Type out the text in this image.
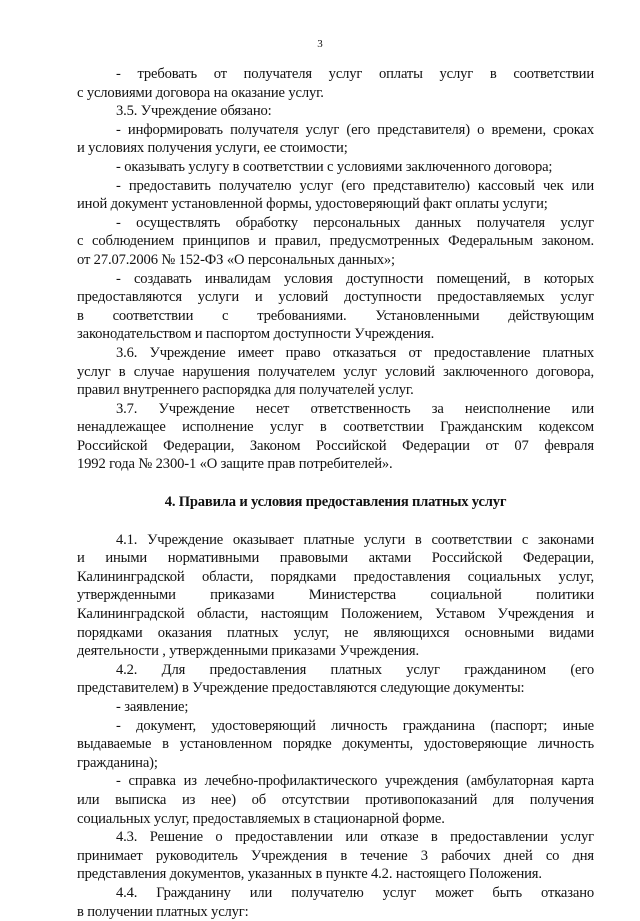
3
- требовать от получателя услуг оплаты услуг в соответствии
с условиями договора на оказание услуг.
3.5. Учреждение обязано:
- информировать получателя услуг (его представителя) о времени, сроках
и условиях получения услуги, ее стоимости;
- оказывать услугу в соответствии с условиями заключенного договора;
- предоставить получателю услуг (его представителю) кассовый чек или
иной документ установленной формы, удостоверяющий факт оплаты услуги;
- осуществлять обработку персональных данных получателя услуг
с соблюдением принципов и правил, предусмотренных Федеральным законом.
от 27.07.2006 № 152-ФЗ «О персональных данных»;
- создавать инвалидам условия доступности помещений, в которых
предоставляются услуги и условий доступности предоставляемых услуг
в соответствии с требованиями. Установленными действующим
законодательством и паспортом доступности Учреждения.
3.6. Учреждение имеет право отказаться от предоставление платных
услуг в случае нарушения получателем услуг условий заключенного договора,
правил внутреннего распорядка для получателей услуг.
3.7. Учреждение несет ответственность за неисполнение или
ненадлежащее исполнение услуг в соответствии Гражданским кодексом
Российской Федерации, Законом Российской Федерации от 07 февраля
1992 года № 2300-1 «О защите прав потребителей».
4. Правила и условия предоставления платных услуг
4.1. Учреждение оказывает платные услуги в соответствии с законами
и иными нормативными правовыми актами Российской Федерации,
Калининградской области, порядками предоставления социальных услуг,
утвержденными приказами Министерства социальной политики
Калининградской области, настоящим Положением, Уставом Учреждения и
порядками оказания платных услуг, не являющихся основными видами
деятельности , утвержденными приказами Учреждения.
4.2. Для предоставления платных услуг гражданином (его
представителем) в Учреждение предоставляются следующие документы:
- заявление;
- документ, удостоверяющий личность гражданина (паспорт; иные
выдаваемые в установленном порядке документы, удостоверяющие личность
гражданина);
- справка из лечебно-профилактического учреждения (амбулаторная карта
или выписка из нее) об отсутствии противопоказаний для получения
социальных услуг, предоставляемых в стационарной форме.
4.3. Решение о предоставлении или отказе в предоставлении услуг
принимает руководитель Учреждения в течение 3 рабочих дней со дня
представления документов, указанных в пункте 4.2. настоящего Положения.
4.4. Гражданину или получателю услуг может быть отказано
в получении платных услуг:
